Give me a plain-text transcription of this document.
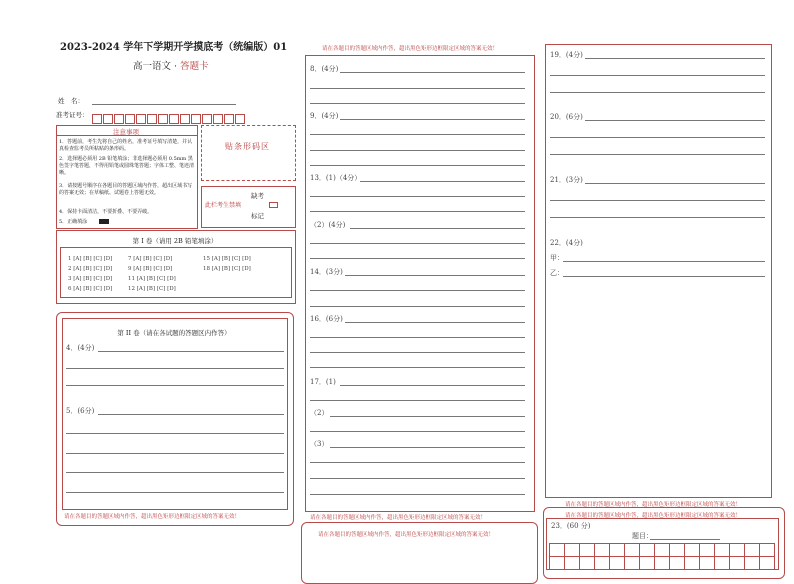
2023-2024 学年下学期开学摸底考（统编版）01
高一语文 · 答题卡
姓　名：
准考证号：
注意事项
1．答题前，考生先将自己的姓名，准考证号填写清楚，并认真检查监考员所粘贴的条形码。
2．选择题必须用 2B 铅笔填涂；非选择题必须用 0.5mm 黑色签字笔答题，不得用铅笔或圆珠笔答题；字体工整、笔迹清晰。
3．请按题号顺序在各题目的答题区域内作答，超出区域书写的答案无效；在草稿纸、试题卷上答题无效。
4．保持卡面清洁，不要折叠、不要弄破。
5．正确填涂
贴条形码区
此栏考生禁填
缺考
标记
第 I 卷（请用 2B 铅笔填涂）
1 [A] [B] [C] [D]
2 [A] [B] [C] [D]
3 [A] [B] [C] [D]
6 [A] [B] [C] [D]
7 [A] [B] [C] [D]
9 [A] [B] [C] [D]
11 [A] [B] [C] [D]
12 [A] [B] [C] [D]
15 [A] [B] [C] [D]
18 [A] [B] [C] [D]
第 II 卷（请在各试题的答题区内作答）
4．(4分)
5．(6分)
请在各题目的答题区域内作答，超出黑色矩形边框限定区域的答案无效！
请在各题目的答题区域内作答，超出黑色矩形边框限定区域的答案无效！
8．(4分)
9．(4分)
13．(1)（4分）
（2）(4分)
14．(3分)
16．(6分)
17．(1)
（2）
（3）
请在各题目的答题区域内作答，超出黑色矩形边框限定区域的答案无效！
请在各题目的答题区域内作答，超出黑色矩形边框限定区域的答案无效！
19．(4分)
20．(6分)
21．(3分)
22．(4分)
甲：
乙：
请在各题目的答题区域内作答，超出黑色矩形边框限定区域的答案无效！
请在各题目的答题区域内作答，超出黑色矩形边框限定区域的答案无效！
23．(60 分)
题目：
